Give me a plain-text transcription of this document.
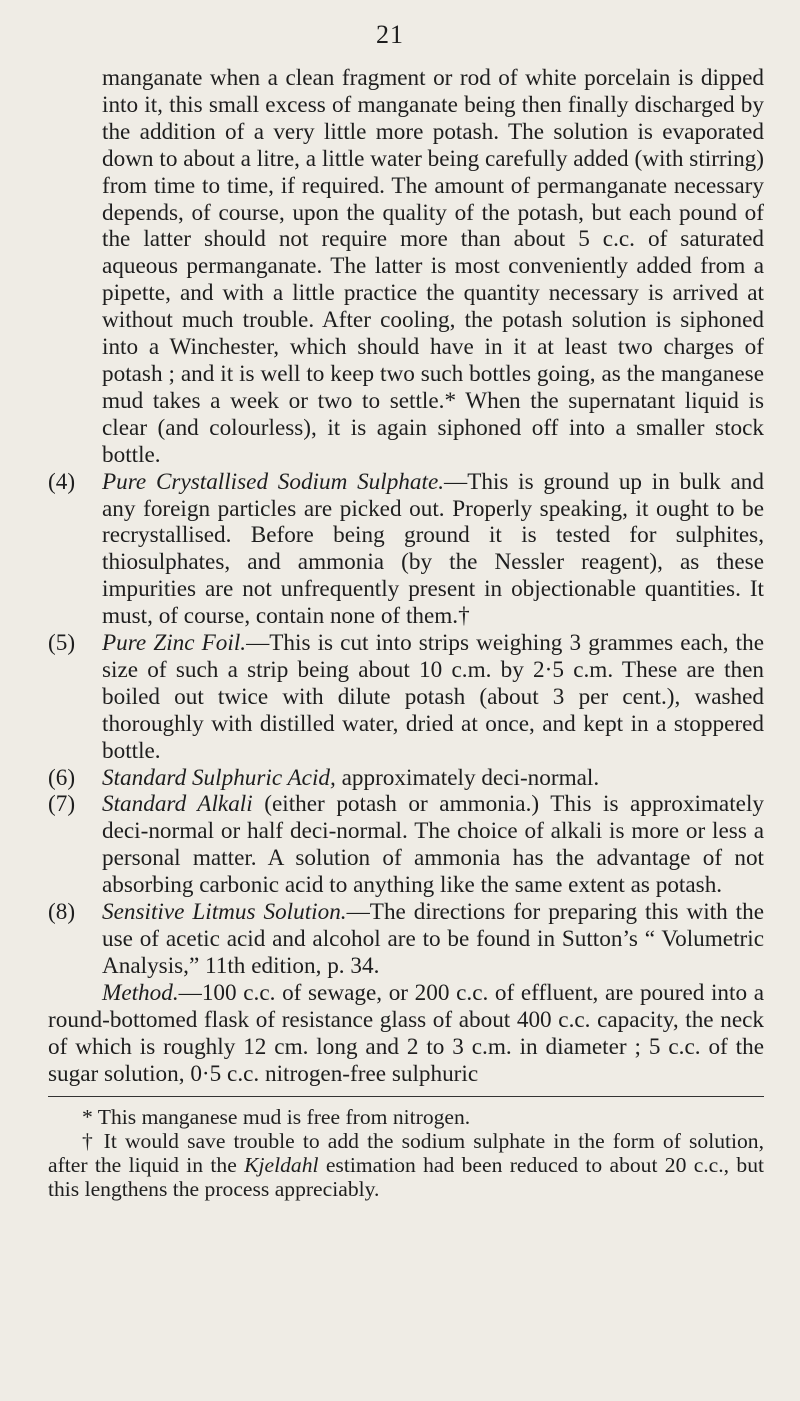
21

manganate when a clean fragment or rod of white porcelain is dipped into it, this small excess of manganate being then finally discharged by the addition of a very little more potash. The solution is evaporated down to about a litre, a little water being carefully added (with stirring) from time to time, if required. The amount of permanganate necessary depends, of course, upon the quality of the potash, but each pound of the latter should not require more than about 5 c.c. of saturated aqueous permanganate. The latter is most conveniently added from a pipette, and with a little practice the quantity necessary is arrived at without much trouble. After cooling, the potash solution is siphoned into a Winchester, which should have in it at least two charges of potash ; and it is well to keep two such bottles going, as the manganese mud takes a week or two to settle.* When the supernatant liquid is clear (and colourless), it is again siphoned off into a smaller stock bottle.

(4)	Pure Crystallised Sodium Sulphate.—This is ground up in bulk and any foreign particles are picked out. Properly speaking, it ought to be recrystallised. Before being ground it is tested for sulphites, thiosulphates, and ammonia (by the Nessler reagent), as these impurities are not unfrequently present in objectionable quantities. It must, of course, contain none of them.†
(5)	Pure Zinc Foil.—This is cut into strips weighing 3 grammes each, the size of such a strip being about 10 c.m. by 2·5 c.m. These are then boiled out twice with dilute potash (about 3 per cent.), washed thoroughly with distilled water, dried at once, and kept in a stoppered bottle.
(6)	Standard Sulphuric Acid, approximately deci-normal.
(7)	Standard Alkali (either potash or ammonia.) This is approximately deci-normal or half deci-normal. The choice of alkali is more or less a personal matter. A solution of ammonia has the advantage of not absorbing carbonic acid to anything like the same extent as potash.
(8)	Sensitive Litmus Solution.—The directions for preparing this with the use of acetic acid and alcohol are to be found in Sutton’s “ Volumetric Analysis,” 11th edition, p. 34.

Method.—100 c.c. of sewage, or 200 c.c. of effluent, are poured into a round-bottomed flask of resistance glass of about 400 c.c. capacity, the neck of which is roughly 12 cm. long and 2 to 3 c.m. in diameter ; 5 c.c. of the sugar solution, 0·5 c.c. nitrogen-free sulphuric

* This manganese mud is free from nitrogen.

† It would save trouble to add the sodium sulphate in the form of solution, after the liquid in the Kjeldahl estimation had been reduced to about 20 c.c., but this lengthens the process appreciably.
